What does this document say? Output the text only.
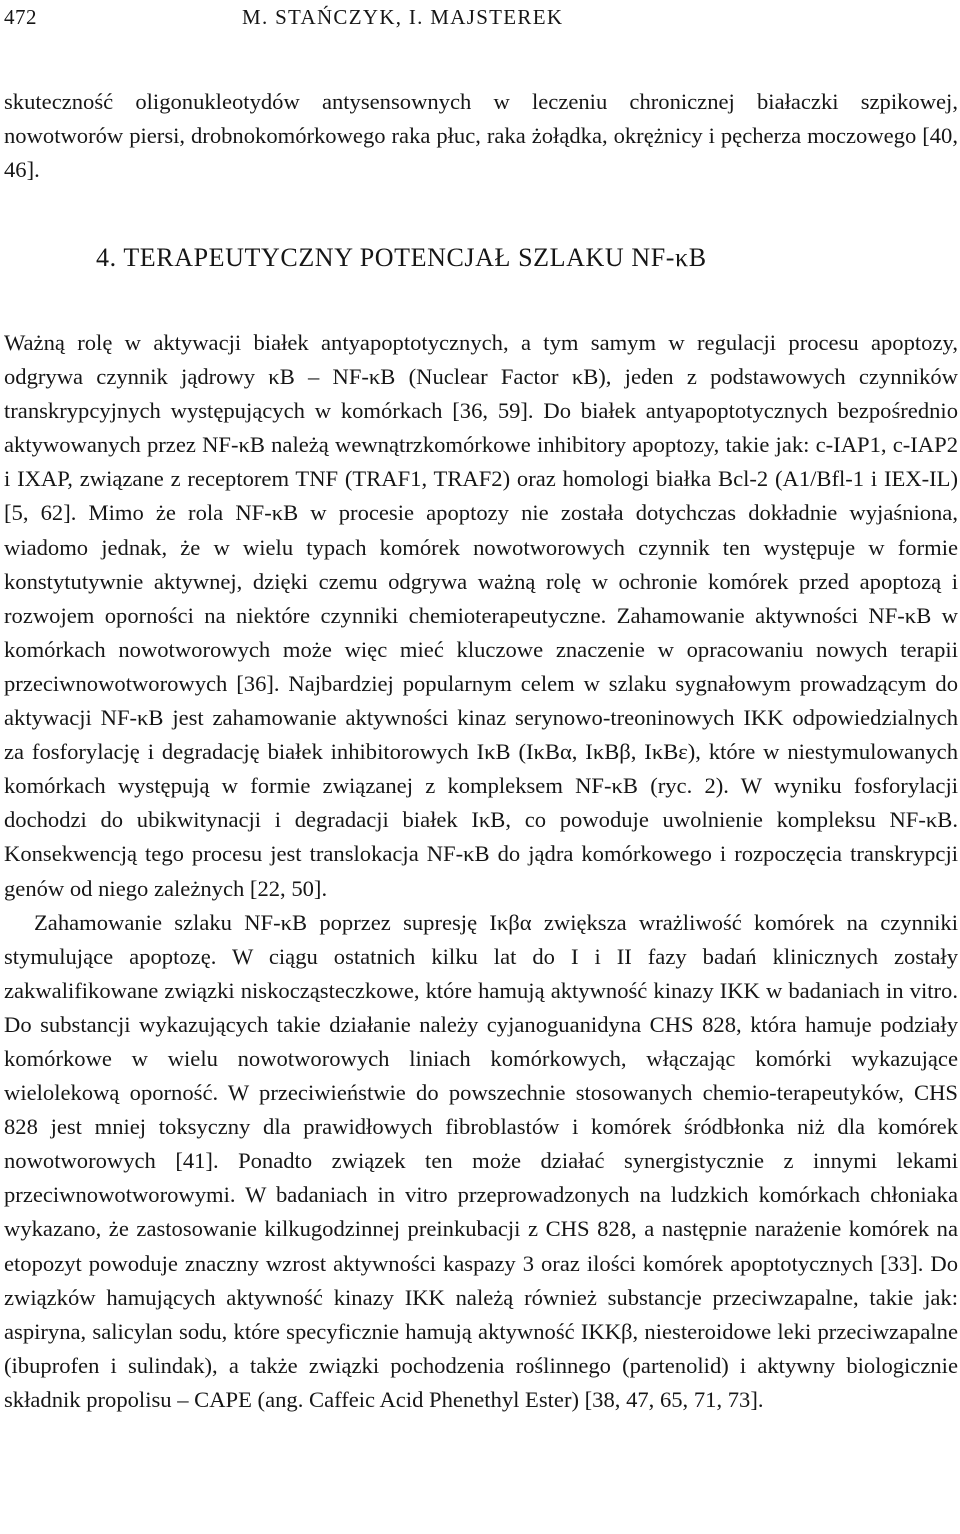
472	M. STAŃCZYK, I. MAJSTEREK

skuteczność oligonukleotydów antysensownych w leczeniu chronicznej białaczki szpikowej, nowotworów piersi, drobnokomórkowego raka płuc, raka żołądka, okrężnicy i pęcherza moczowego [40, 46].

4. TERAPEUTYCZNY POTENCJAŁ SZLAKU NF-κB

Ważną rolę w aktywacji białek antyapoptotycznych, a tym samym w regulacji procesu apoptozy, odgrywa czynnik jądrowy κB – NF-κB (Nuclear Factor κB), jeden z podstawowych czynników transkrypcyjnych występujących w komórkach [36, 59]. Do białek antyapoptotycznych bezpośrednio aktywowanych przez NF-κB należą wewnątrzkomórkowe inhibitory apoptozy, takie jak: c-IAP1, c-IAP2 i IXAP, związane z receptorem TNF (TRAF1, TRAF2) oraz homologi białka Bcl-2 (A1/Bfl-1 i IEX-IL) [5, 62]. Mimo że rola NF-κB w procesie apoptozy nie została dotychczas dokładnie wyjaśniona, wiadomo jednak, że w wielu typach komórek nowotworowych czynnik ten występuje w formie konstytutywnie aktywnej, dzięki czemu odgrywa ważną rolę w ochronie komórek przed apoptozą i rozwojem oporności na niektóre czynniki chemioterapeutyczne. Zahamowanie aktywności NF-κB w komórkach nowotworowych może więc mieć kluczowe znaczenie w opracowaniu nowych terapii przeciwnowotworowych [36]. Najbardziej popularnym celem w szlaku sygnałowym prowadzącym do aktywacji NF-κB jest zahamowanie aktywności kinaz serynowo-treoninowych IKK odpowiedzialnych za fosforylację i degradację białek inhibitorowych IκB (IκBα, IκBβ, IκBε), które w niestymulowanych komórkach występują w formie związanej z kompleksem NF-κB (ryc. 2). W wyniku fosforylacji dochodzi do ubikwitynacji i degradacji białek IκB, co powoduje uwolnienie kompleksu NF-κB. Konsekwencją tego procesu jest translokacja NF-κB do jądra komórkowego i rozpoczęcia transkrypcji genów od niego zależnych [22, 50].

Zahamowanie szlaku NF-κB poprzez supresję Iκβα zwiększa wrażliwość komórek na czynniki stymulujące apoptozę. W ciągu ostatnich kilku lat do I i II fazy badań klinicznych zostały zakwalifikowane związki niskocząsteczkowe, które hamują aktywność kinazy IKK w badaniach in vitro. Do substancji wykazujących takie działanie należy cyjanoguanidyna CHS 828, która hamuje podziały komórkowe w wielu nowotworowych liniach komórkowych, włączając komórki wykazujące wielolekową oporność. W przeciwieństwie do powszechnie stosowanych chemio-terapeutyków, CHS 828 jest mniej toksyczny dla prawidłowych fibroblastów i komórek śródbłonka niż dla komórek nowotworowych [41]. Ponadto związek ten może działać synergistycznie z innymi lekami przeciwnowotworowymi. W badaniach in vitro przeprowadzonych na ludzkich komórkach chłoniaka wykazano, że zastosowanie kilkugodzinnej preinkubacji z CHS 828, a następnie narażenie komórek na etopozyt powoduje znaczny wzrost aktywności kaspazy 3 oraz ilości komórek apoptotycznych [33]. Do związków hamujących aktywność kinazy IKK należą również substancje przeciwzapalne, takie jak: aspiryna, salicylan sodu, które specyficznie hamują aktywność IKKβ, niesteroidowe leki przeciwzapalne (ibuprofen i sulindak), a także związki pochodzenia roślinnego (partenolid) i aktywny biologicznie składnik propolisu – CAPE (ang. Caffeic Acid Phenethyl Ester) [38, 47, 65, 71, 73].
